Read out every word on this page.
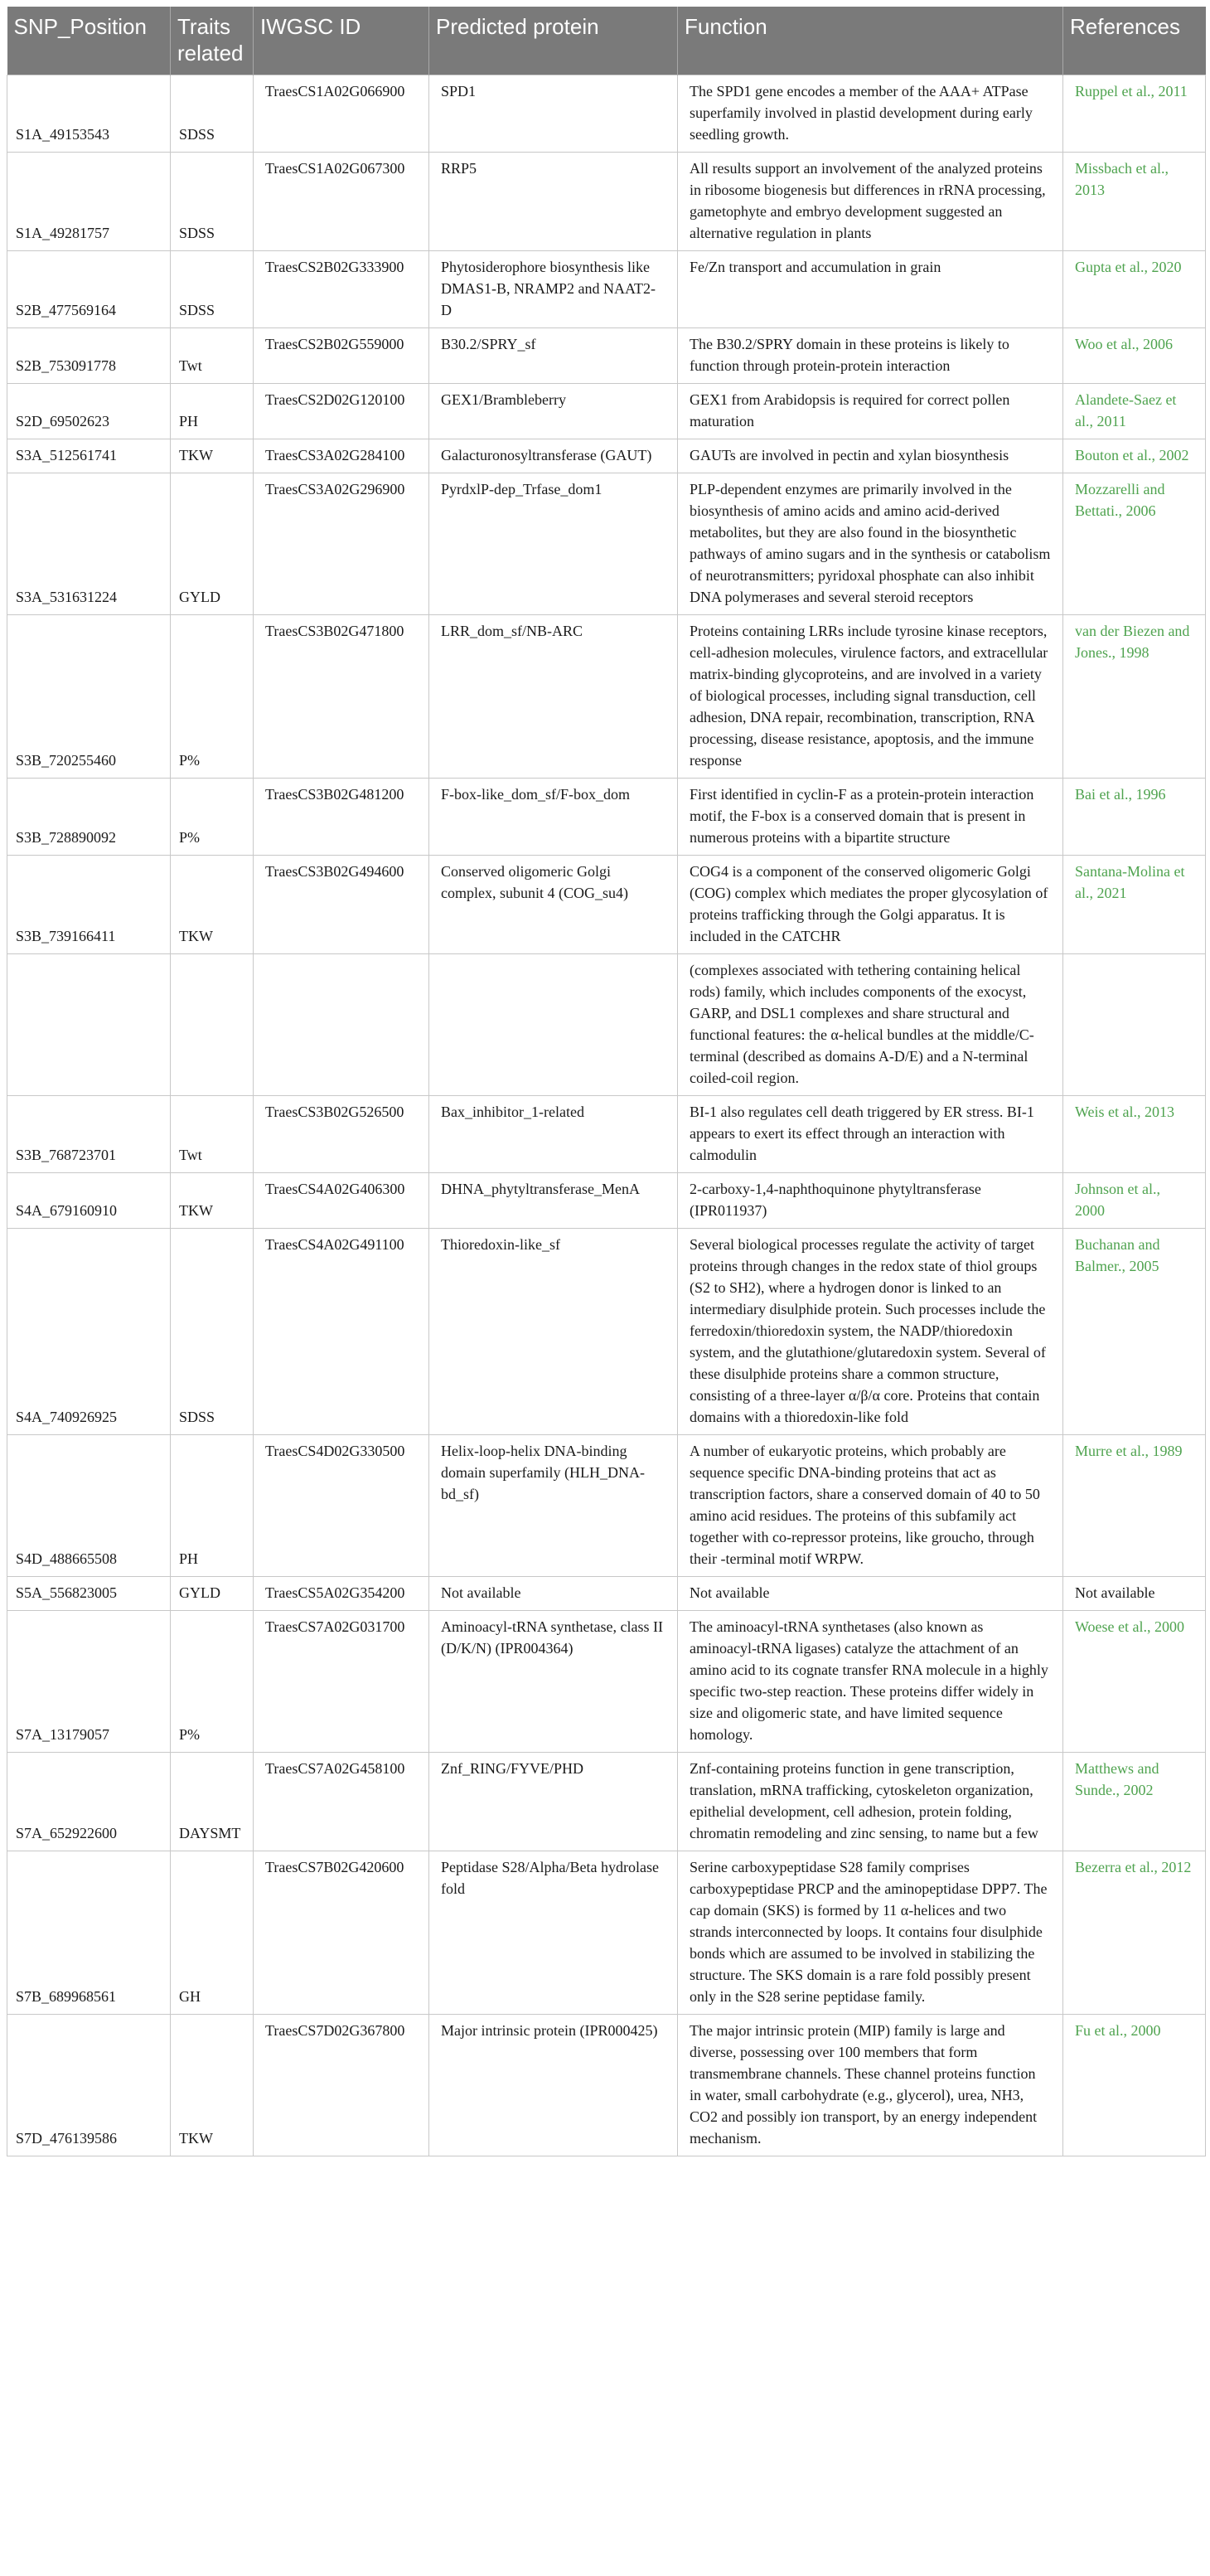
SNP_Position	Traits related	IWGSC ID	Predicted protein	Function	References
S1A_49153543	SDSS	TraesCS1A02G066900	SPD1	The SPD1 gene encodes a member of the AAA+ ATPase superfamily involved in plastid development during early seedling growth.	Ruppel et al., 2011
S1A_49281757	SDSS	TraesCS1A02G067300	RRP5	All results support an involvement of the analyzed proteins in ribosome biogenesis but differences in rRNA processing, gametophyte and embryo development suggested an alternative regulation in plants	Missbach et al., 2013
S2B_477569164	SDSS	TraesCS2B02G333900	Phytosiderophore biosynthesis like DMAS1-B, NRAMP2 and NAAT2-D	Fe/Zn transport and accumulation in grain	Gupta et al., 2020
S2B_753091778	Twt	TraesCS2B02G559000	B30.2/SPRY_sf	The B30.2/SPRY domain in these proteins is likely to function through protein-protein interaction	Woo et al., 2006
S2D_69502623	PH	TraesCS2D02G120100	GEX1/Brambleberry	GEX1 from Arabidopsis is required for correct pollen maturation	Alandete-Saez et al., 2011
S3A_512561741	TKW	TraesCS3A02G284100	Galacturonosyltransferase (GAUT)	GAUTs are involved in pectin and xylan biosynthesis	Bouton et al., 2002
S3A_531631224	GYLD	TraesCS3A02G296900	PyrdxlP-dep_Trfase_dom1	PLP-dependent enzymes are primarily involved in the biosynthesis of amino acids and amino acid-derived metabolites, but they are also found in the biosynthetic pathways of amino sugars and in the synthesis or catabolism of neurotransmitters; pyridoxal phosphate can also inhibit DNA polymerases and several steroid receptors	Mozzarelli and Bettati., 2006
S3B_720255460	P%	TraesCS3B02G471800	LRR_dom_sf/NB-ARC	Proteins containing LRRs include tyrosine kinase receptors, cell-adhesion molecules, virulence factors, and extracellular matrix-binding glycoproteins, and are involved in a variety of biological processes, including signal transduction, cell adhesion, DNA repair, recombination, transcription, RNA processing, disease resistance, apoptosis, and the immune response	van der Biezen and Jones., 1998
S3B_728890092	P%	TraesCS3B02G481200	F-box-like_dom_sf/F-box_dom	First identified in cyclin-F as a protein-protein interaction motif, the F-box is a conserved domain that is present in numerous proteins with a bipartite structure	Bai et al., 1996
S3B_739166411	TKW	TraesCS3B02G494600	Conserved oligomeric Golgi complex, subunit 4 (COG_su4)	COG4 is a component of the conserved oligomeric Golgi (COG) complex which mediates the proper glycosylation of proteins trafficking through the Golgi apparatus. It is included in the CATCHR	Santana-Molina et al., 2021
				(complexes associated with tethering containing helical rods) family, which includes components of the exocyst, GARP, and DSL1 complexes and share structural and functional features: the α-helical bundles at the middle/C-terminal (described as domains A-D/E) and a N-terminal coiled-coil region.	
S3B_768723701	Twt	TraesCS3B02G526500	Bax_inhibitor_1-related	BI-1 also regulates cell death triggered by ER stress. BI-1 appears to exert its effect through an interaction with calmodulin	Weis et al., 2013
S4A_679160910	TKW	TraesCS4A02G406300	DHNA_phytyltransferase_MenA	2-carboxy-1,4-naphthoquinone phytyltransferase (IPR011937)	Johnson et al., 2000
S4A_740926925	SDSS	TraesCS4A02G491100	Thioredoxin-like_sf	Several biological processes regulate the activity of target proteins through changes in the redox state of thiol groups (S2 to SH2), where a hydrogen donor is linked to an intermediary disulphide protein. Such processes include the ferredoxin/thioredoxin system, the NADP/thioredoxin system, and the glutathione/glutaredoxin system. Several of these disulphide proteins share a common structure, consisting of a three-layer α/β/α core. Proteins that contain domains with a thioredoxin-like fold	Buchanan and Balmer., 2005
S4D_488665508	PH	TraesCS4D02G330500	Helix-loop-helix DNA-binding domain superfamily (HLH_DNA-bd_sf)	A number of eukaryotic proteins, which probably are sequence specific DNA-binding proteins that act as transcription factors, share a conserved domain of 40 to 50 amino acid residues. The proteins of this subfamily act together with co-repressor proteins, like groucho, through their -terminal motif WRPW.	Murre et al., 1989
S5A_556823005	GYLD	TraesCS5A02G354200	Not available	Not available	Not available
S7A_13179057	P%	TraesCS7A02G031700	Aminoacyl-tRNA synthetase, class II (D/K/N) (IPR004364)	The aminoacyl-tRNA synthetases (also known as aminoacyl-tRNA ligases) catalyze the attachment of an amino acid to its cognate transfer RNA molecule in a highly specific two-step reaction. These proteins differ widely in size and oligomeric state, and have limited sequence homology.	Woese et al., 2000
S7A_652922600	DAYSMT	TraesCS7A02G458100	Znf_RING/FYVE/PHD	Znf-containing proteins function in gene transcription, translation, mRNA trafficking, cytoskeleton organization, epithelial development, cell adhesion, protein folding, chromatin remodeling and zinc sensing, to name but a few	Matthews and Sunde., 2002
S7B_689968561	GH	TraesCS7B02G420600	Peptidase S28/Alpha/Beta hydrolase fold	Serine carboxypeptidase S28 family comprises carboxypeptidase PRCP and the aminopeptidase DPP7. The cap domain (SKS) is formed by 11 α-helices and two strands interconnected by loops. It contains four disulphide bonds which are assumed to be involved in stabilizing the structure. The SKS domain is a rare fold possibly present only in the S28 serine peptidase family.	Bezerra et al., 2012
S7D_476139586	TKW	TraesCS7D02G367800	Major intrinsic protein (IPR000425)	The major intrinsic protein (MIP) family is large and diverse, possessing over 100 members that form transmembrane channels. These channel proteins function in water, small carbohydrate (e.g., glycerol), urea, NH3, CO2 and possibly ion transport, by an energy independent mechanism.	Fu et al., 2000
